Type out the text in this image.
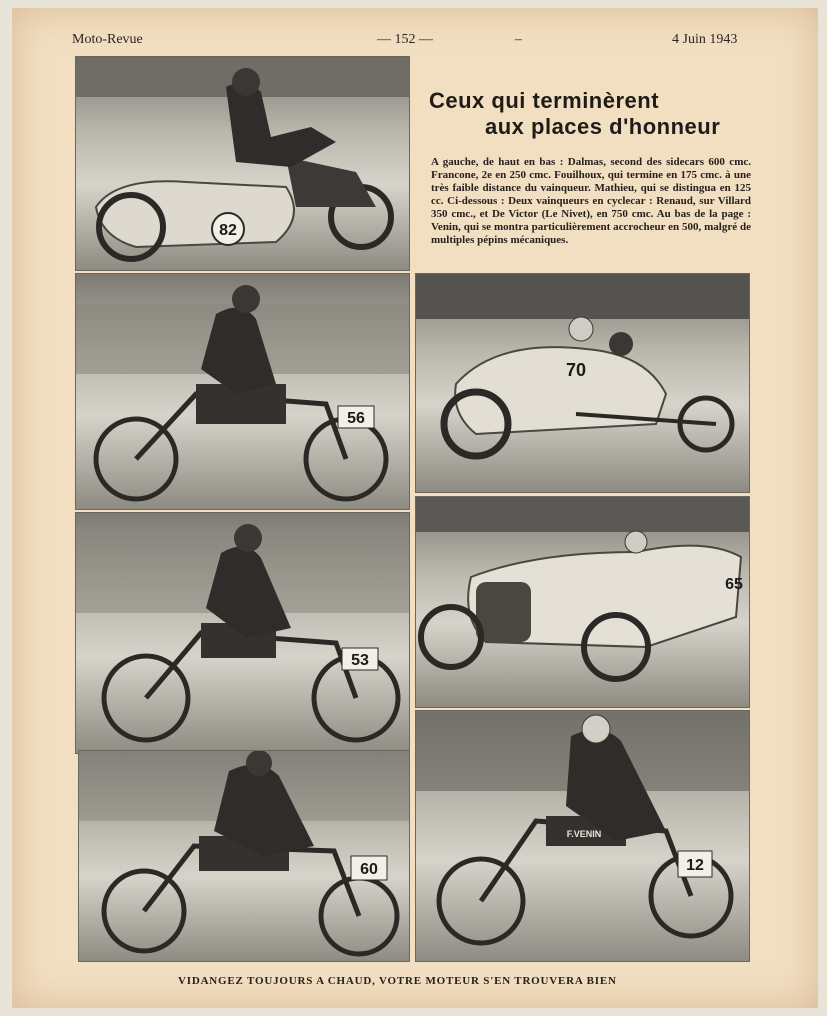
Moto-Revue	— 152 —	–	4 Juin 1943
82
Ceux qui terminèrent
aux places d'honneur
A gauche, de haut en bas : Dalmas, second des sidecars 600 cmc. Francone, 2e en 250 cmc. Fouilhoux, qui termine en 175 cmc. à une très faible distance du vainqueur. Mathieu, qui se distingua en 125 cc. Ci-dessous : Deux vainqueurs en cyclecar : Renaud, sur Villard 350 cmc., et De Victor (Le Nivet), en 750 cmc. Au bas de la page : Venin, qui se montra particulièrement accrocheur en 500, malgré de multiples pépins mécaniques.
56
70
53
65
60
F.VENIN
12
VIDANGEZ TOUJOURS A CHAUD, VOTRE MOTEUR S'EN TROUVERA BIEN
